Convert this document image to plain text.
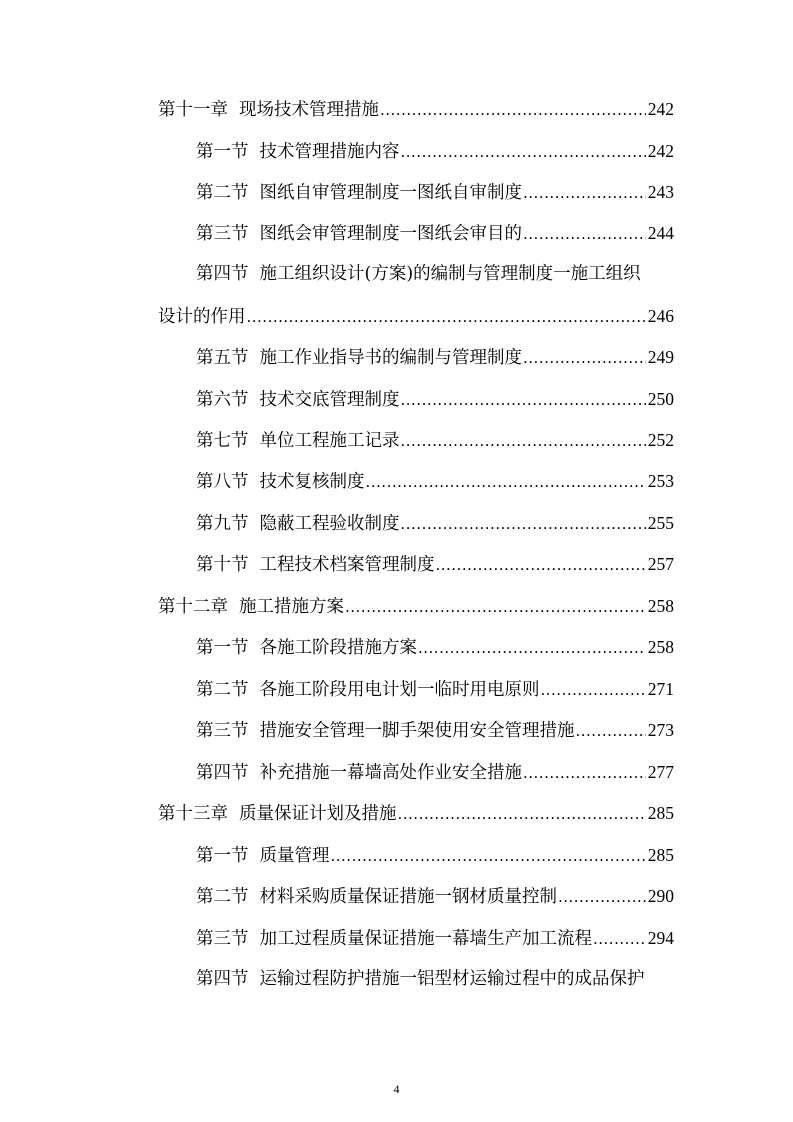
第十一章 现场技术管理措施 .....	242
第一节 技术管理措施内容 .....	242
第二节 图纸自审管理制度一图纸自审制度 .....	243
第三节 图纸会审管理制度一图纸会审目的 .....	244
第四节 施工组织设计(方案)的编制与管理制度一施工组织
设计的作用 .....	246
第五节 施工作业指导书的编制与管理制度 .....	249
第六节 技术交底管理制度 .....	250
第七节 单位工程施工记录 .....	252
第八节 技术复核制度 .....	253
第九节 隐蔽工程验收制度 .....	255
第十节 工程技术档案管理制度 .....	257
第十二章 施工措施方案 .....	258
第一节 各施工阶段措施方案 .....	258
第二节 各施工阶段用电计划一临时用电原则 .....	271
第三节 措施安全管理一脚手架使用安全管理措施 .....	273
第四节 补充措施一幕墙高处作业安全措施 .....	277
第十三章 质量保证计划及措施 .....	285
第一节 质量管理 .....	285
第二节 材料采购质量保证措施一钢材质量控制 .....	290
第三节 加工过程质量保证措施一幕墙生产加工流程 .....	294
第四节 运输过程防护措施一铝型材运输过程中的成品保护
4
